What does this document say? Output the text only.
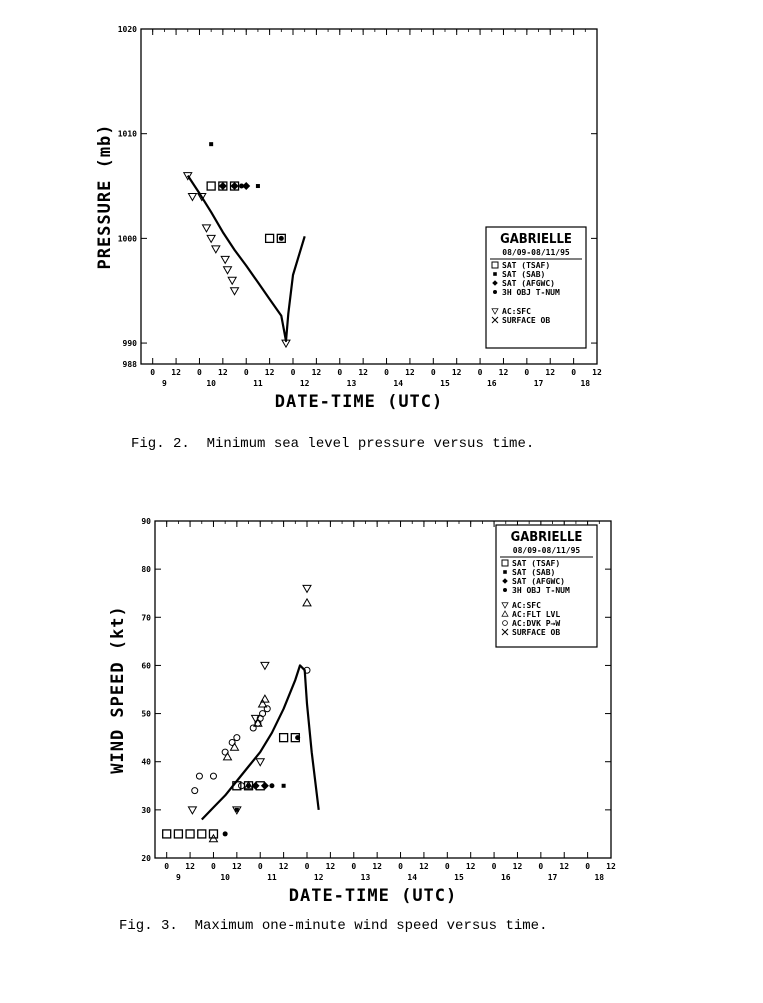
0 12 0 12 0 12 0 12 0 12 0 12 0 12 0 12 0 12 0 12
9	10	11	12	13	14	15	16	17	18
988
990
1000
1010
1020
DATE-TIME (UTC)
PRESSURE (mb)	GABRIELLE
08/09-08/11/95
SAT (TSAF)
SAT (SAB)
SAT (AFGWC)
3H OBJ T-NUM
AC:SFC
SURFACE OB
0 12 0 12 0 12 0 12 0 12 0 12 0 12 0 12 0 12 0 12
9	10	11	12	13	14	15	16	17	18
20
30
40
50
60
70
80
90
DATE-TIME (UTC)
WIND SPEED (kt)
GABRIELLE
08/09-08/11/95
SAT (TSAF)
SAT (SAB)
SAT (AFGWC)
3H OBJ T-NUM
AC:SFC
AC:FLT LVL
AC:DVK P→W
SURFACE OB
Fig. 2.  Minimum sea level pressure versus time.
Fig. 3.  Maximum one-minute wind speed versus time.
